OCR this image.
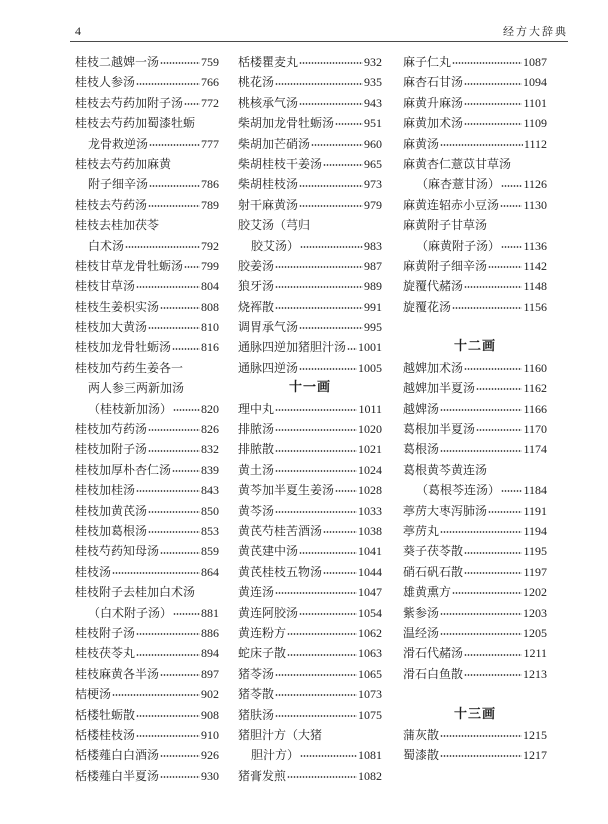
4	经方大辞典
桂枝二越婢一汤	759
桂枝人参汤	766
桂枝去芍药加附子汤 772
桂枝去芍药加蜀漆牡蛎
龙骨救逆汤	777
桂枝去芍药加麻黄
附子细辛汤	786
桂枝去芍药汤	789
桂枝去桂加茯苓
白术汤	792
桂枝甘草龙骨牡蛎汤 799
桂枝甘草汤	804
桂枝生姜枳实汤	808
桂枝加大黄汤	810
桂枝加龙骨牡蛎汤 816
桂枝加芍药生姜各一
两人参三两新加汤
（桂枝新加汤） 820
桂枝加芍药汤	826
桂枝加附子汤	832
桂枝加厚朴杏仁汤 839
桂枝加桂汤	843
桂枝加黄芪汤	850
桂枝加葛根汤	853
桂枝芍药知母汤	859
桂枝汤	864
桂枝附子去桂加白术汤
（白术附子汤） 881
桂枝附子汤	886
桂枝茯苓丸	894
桂枝麻黄各半汤	897
桔梗汤	902
栝楼牡蛎散	908
栝楼桂枝汤	910
栝楼薤白白酒汤	926
栝楼薤白半夏汤	930
栝楼瞿麦丸	932
桃花汤	935
桃核承气汤	943
柴胡加龙骨牡蛎汤 951
柴胡加芒硝汤	960
柴胡桂枝干姜汤	965
柴胡桂枝汤	973
射干麻黄汤	979
胶艾汤（芎归
胶艾汤）	983
胶姜汤	987
狼牙汤	989
烧裈散	991
调胃承气汤	995
通脉四逆加猪胆汁汤 1001
通脉四逆汤	1005
十一画
理中丸	1011
排脓汤	1020
排脓散	1021
黄土汤	1024
黄芩加半夏生姜汤 1028
黄芩汤	1033
黄芪芍桂苦酒汤	1038
黄芪建中汤	1041
黄芪桂枝五物汤	1044
黄连汤	1047
黄连阿胶汤	1054
黄连粉方	1062
蛇床子散	1063
猪苓汤	1065
猪苓散	1073
猪肤汤	1075
猪胆汁方（大猪
胆汁方）	1081
猪膏发煎	1082
麻子仁丸	1087
麻杏石甘汤	1094
麻黄升麻汤	1101
麻黄加术汤	1109
麻黄汤	1112
麻黄杏仁薏苡甘草汤
（麻杏薏甘汤） 1126
麻黄连轺赤小豆汤 1130
麻黄附子甘草汤
（麻黄附子汤） 1136
麻黄附子细辛汤	1142
旋覆代赭汤	1148
旋覆花汤	1156
十二画
越婢加术汤	1160
越婢加半夏汤	1162
越婢汤	1166
葛根加半夏汤	1170
葛根汤	1174
葛根黄芩黄连汤
（葛根芩连汤） 1184
葶苈大枣泻肺汤	1191
葶苈丸	1194
葵子茯苓散	1195
硝石矾石散	1197
雄黄熏方	1202
紫参汤	1203
温经汤	1205
滑石代赭汤	1211
滑石白鱼散	1213
十三画
蒲灰散	1215
蜀漆散	1217
